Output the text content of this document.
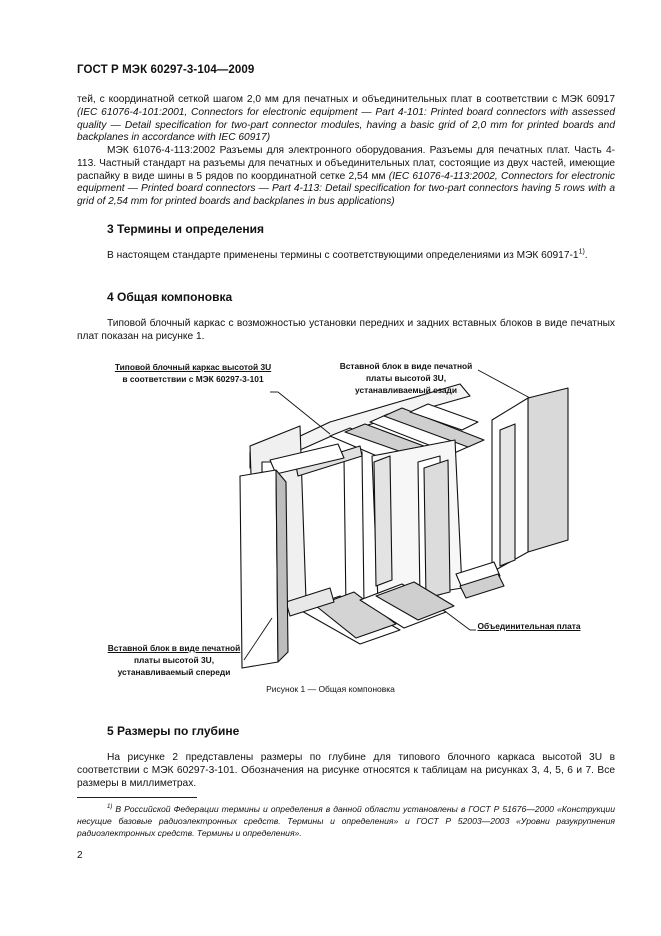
ГОСТ Р МЭК 60297-3-104—2009
тей, с координатной сеткой шагом 2,0 мм для печатных и объединительных плат в соответствии с МЭК 60917 (IEC 61076-4-101:2001, Connectors for electronic equipment — Part 4-101: Printed board connectors with assessed quality — Detail specification for two-part connector modules, having a basic grid of 2,0 mm for printed boards and backplanes in accordance with IEC 60917)
МЭК 61076-4-113:2002 Разъемы для электронного оборудования. Разъемы для печатных плат. Часть 4-113. Частный стандарт на разъемы для печатных и объединительных плат, состоящие из двух частей, имеющие распайку в виде шины в 5 рядов по координатной сетке 2,54 мм (IEC 61076-4-113:2002, Connectors for electronic equipment — Printed board connectors — Part 4-113: Detail specification for two-part connectors having 5 rows with a grid of 2,54 mm for printed boards and backplanes in bus applications)
3 Термины и определения
В настоящем стандарте применены термины с соответствующими определениями из МЭК 60917-1$^{1)}$.
4 Общая компоновка
Типовой блочный каркас с возможностью установки передних и задних вставных блоков в виде печатных плат показан на рисунке 1.
Типовой блочный каркас высотой 3U
в соответствии с МЭК 60297-3-101
Вставной блок в виде печатной
платы высотой 3U,
устанавливаемый сзади
Объединительная плата
Вставной блок в виде печатной
платы высотой 3U,
устанавливаемый спереди
Рисунок 1 — Общая компоновка
5 Размеры по глубине
На рисунке 2 представлены размеры по глубине для типового блочного каркаса высотой 3U в соответствии с МЭК 60297-3-101. Обозначения на рисунке относятся к таблицам на рисунках 3, 4, 5, 6 и 7. Все размеры в миллиметрах.
$^{1)}$ В Российской Федерации термины и определения в данной области установлены в ГОСТ Р 51676—2000 «Конструкции несущие базовые радиоэлектронных средств. Термины и определения» и ГОСТ Р 52003—2003 «Уровни разукрупнения радиоэлектронных средств. Термины и определения».
2
